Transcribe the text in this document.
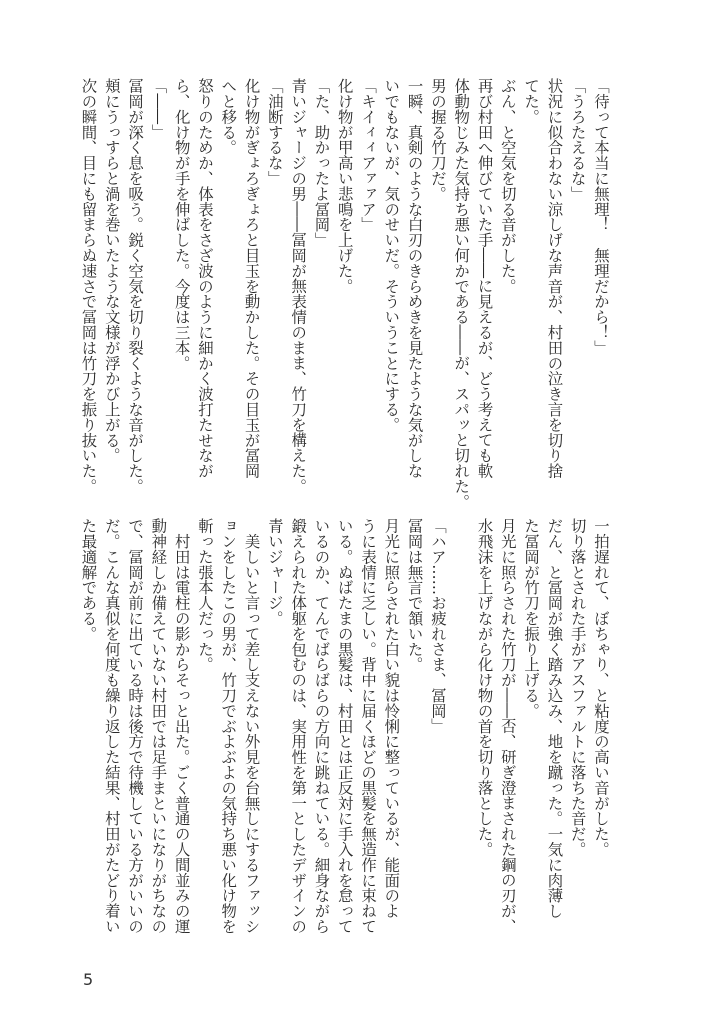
「待って本当に無理！　無理だから！」
「うろたえるな」
状況に似合わない涼しげな声音が、村田の泣き言を切り捨
てた。
ぶん、と空気を切る音がした。
再び村田へ伸びていた手――に見えるが、どう考えても軟
体動物じみた気持ち悪い何かである――が、スパッと切れた。
男の握る竹刀だ。
一瞬、真剣のような白刃のきらめきを見たような気がしな
いでもないが、気のせいだ。そういうことにする。
「キイィィアァァア」
化け物が甲高い悲鳴を上げた。
「た、助かったよ冨岡」
青いジャージの男――冨岡が無表情のまま、竹刀を構えた。
「油断するな」
化け物がぎょろぎょろと目玉を動かした。その目玉が冨岡
へと移る。
怒りのためか、体表をさざ波のように細かく波打たせなが
ら、化け物が手を伸ばした。今度は三本。
「――」
冨岡が深く息を吸う。鋭く空気を切り裂くような音がした。
頬にうっすらと渦を巻いたような文様が浮かび上がる。
次の瞬間、目にも留まらぬ速さで冨岡は竹刀を振り抜いた。
一拍遅れて、ぼちゃり、と粘度の高い音がした。
切り落とされた手がアスファルトに落ちた音だ。
だん、と冨岡が強く踏み込み、地を蹴った。一気に肉薄し
た冨岡が竹刀を振り上げる。
月光に照らされた竹刀が――否、研ぎ澄まされた鋼の刃が、
水飛沫を上げながら化け物の首を切り落とした。
「ハア……お疲れさま、冨岡」
冨岡は無言で頷いた。
月光に照らされた白い貌は怜悧に整っているが、能面のよ
うに表情に乏しい。背中に届くほどの黒髪を無造作に束ねて
いる。ぬばたまの黒髪は、村田とは正反対に手入れを怠って
いるのか、てんでばらばらの方向に跳ねている。細身ながら
鍛えられた体躯を包むのは、実用性を第一としたデザインの
青いジャージ。
　美しいと言って差し支えない外見を台無しにするファッシ
ョンをしたこの男が、竹刀でぶよぶよの気持ち悪い化け物を
斬った張本人だった。
　村田は電柱の影からそっと出た。ごく普通の人間並みの運
動神経しか備えていない村田では足手まといになりがちなの
で、冨岡が前に出ている時は後方で待機している方がいいの
だ。こんな真似を何度も繰り返した結果、村田がたどり着い
た最適解である。
5
